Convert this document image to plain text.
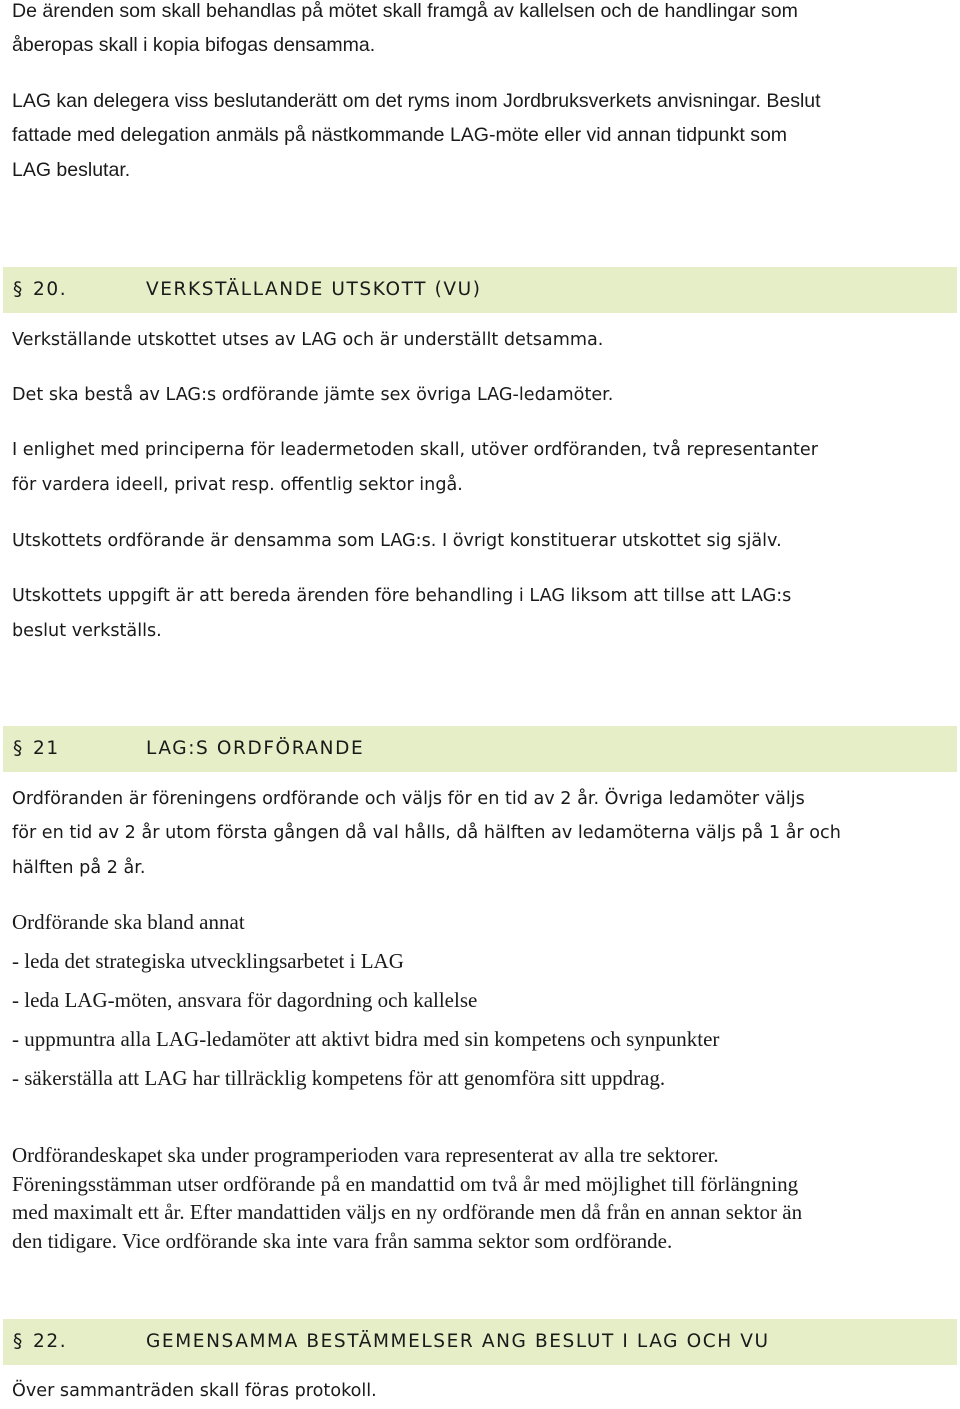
De ärenden som skall behandlas på mötet skall framgå av kallelsen och de handlingar som

åberopas skall i kopia bifogas densamma.

LAG kan delegera viss beslutanderätt om det ryms inom Jordbruksverkets anvisningar. Beslut

fattade med delegation anmäls på nästkommande LAG-möte eller vid annan tidpunkt som

LAG beslutar.

§ 20.	VERKSTÄLLANDE UTSKOTT (VU)

Verkställande utskottet utses av LAG och är underställt detsamma.

Det ska bestå av LAG:s ordförande jämte sex övriga LAG-ledamöter.

I enlighet med principerna för leadermetoden skall, utöver ordföranden, två representanter

för vardera ideell, privat resp. offentlig sektor ingå.

Utskottets ordförande är densamma som LAG:s. I övrigt konstituerar utskottet sig själv.

Utskottets uppgift är att bereda ärenden före behandling i LAG liksom att tillse att LAG:s

beslut verkställs.

§ 21	LAG:S ORDFÖRANDE

Ordföranden är föreningens ordförande och väljs för en tid av 2 år. Övriga ledamöter väljs

för en tid av 2 år utom första gången då val hålls, då hälften av ledamöterna väljs på 1 år och

hälften på 2 år.

Ordförande ska bland annat

- leda det strategiska utvecklingsarbetet i LAG

- leda LAG-möten, ansvara för dagordning och kallelse

- uppmuntra alla LAG-ledamöter att aktivt bidra med sin kompetens och synpunkter

- säkerställa att LAG har tillräcklig kompetens för att genomföra sitt uppdrag.

Ordförandeskapet ska under programperioden vara representerat av alla tre sektorer.

Föreningsstämman utser ordförande på en mandattid om två år med möjlighet till förlängning

med maximalt ett år. Efter mandattiden väljs en ny ordförande men då från en annan sektor än

den tidigare. Vice ordförande ska inte vara från samma sektor som ordförande.

§ 22.	GEMENSAMMA BESTÄMMELSER ANG BESLUT I LAG OCH VU

Över sammanträden skall föras protokoll.
